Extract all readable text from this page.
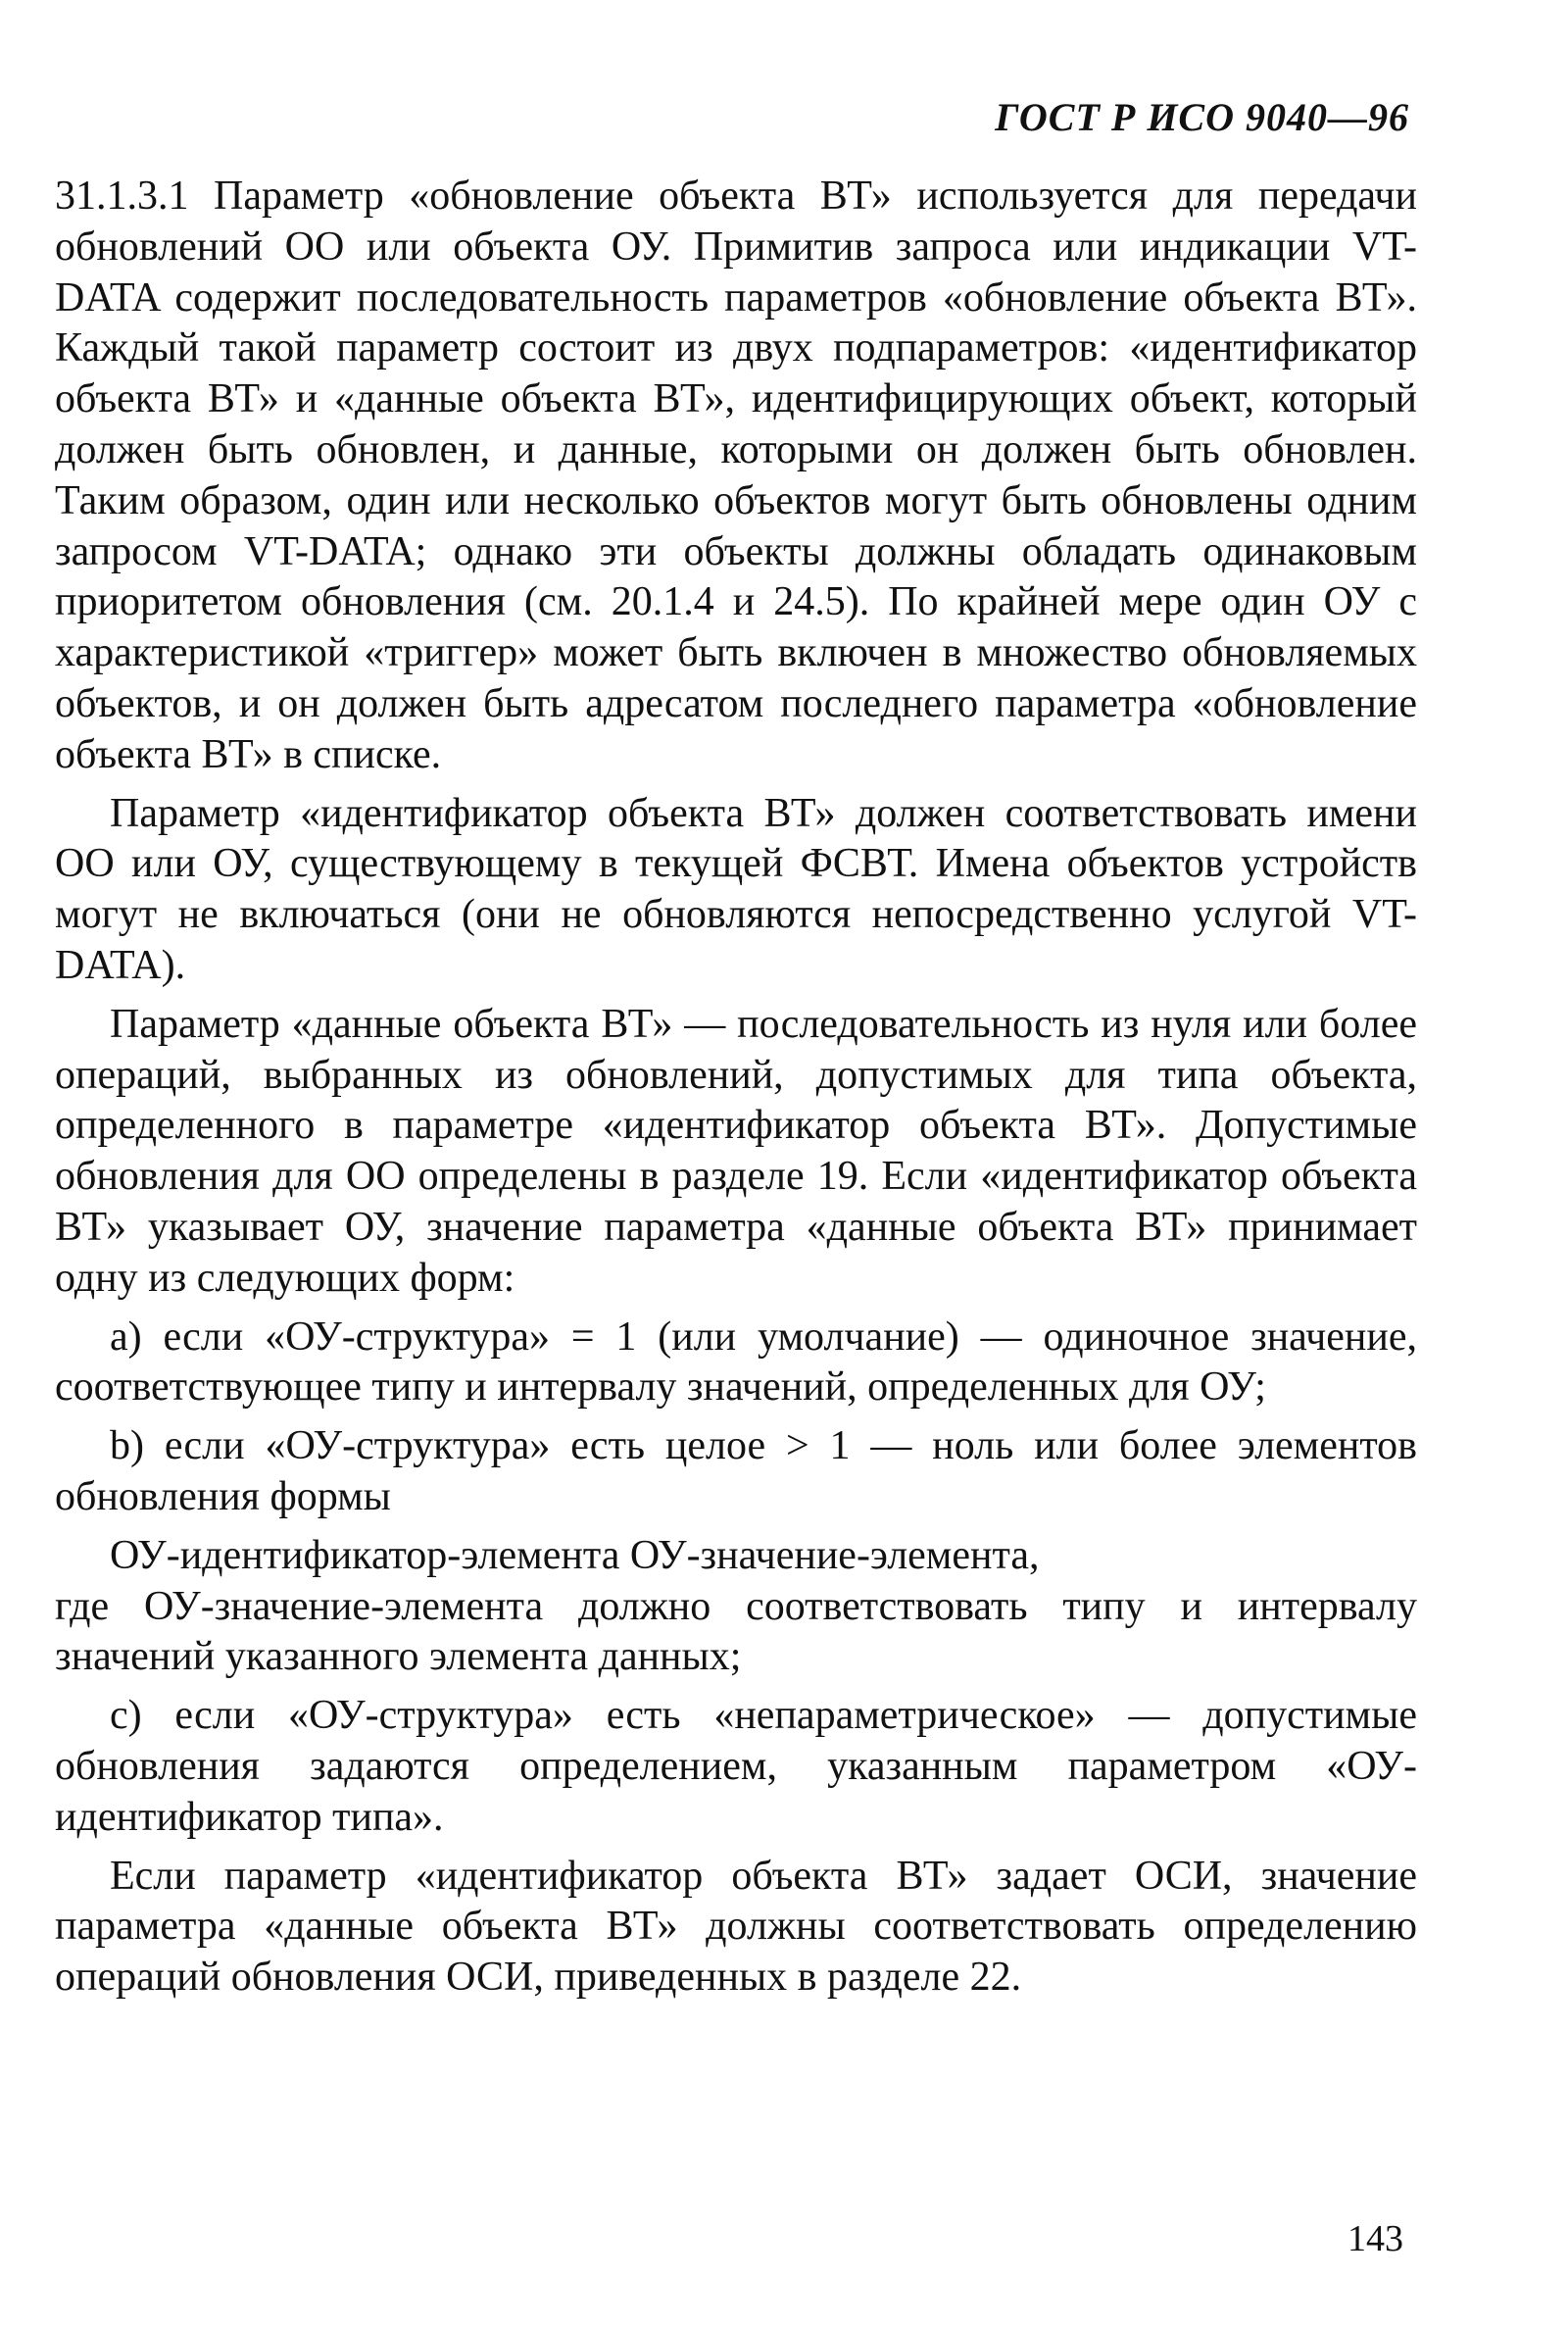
ГОСТ Р ИСО 9040—96

31.1.3.1 Параметр «обновление объекта ВТ» используется для передачи обновлений ОО или объекта ОУ. Примитив запроса или индикации VT-DATA содержит последовательность параметров «обновление объекта ВТ». Каждый такой параметр состоит из двух подпараметров: «идентификатор объекта ВТ» и «данные объекта ВТ», идентифицирующих объект, который должен быть обновлен, и данные, которыми он должен быть обновлен. Таким образом, один или несколько объектов могут быть обновлены одним запросом VT-DATA; однако эти объекты должны обладать одинаковым приоритетом обновления (см. 20.1.4 и 24.5). По крайней мере один ОУ с характеристикой «триггер» может быть включен в множество обновляемых объектов, и он должен быть адресатом последнего параметра «обновление объекта ВТ» в списке.

Параметр «идентификатор объекта ВТ» должен соответствовать имени ОО или ОУ, существующему в текущей ФСВТ. Имена объектов устройств могут не включаться (они не обновляются непосредственно услугой VT-DATA).

Параметр «данные объекта ВТ» — последовательность из нуля или более операций, выбранных из обновлений, допустимых для типа объекта, определенного в параметре «идентификатор объекта ВТ». Допустимые обновления для ОО определены в разделе 19. Если «идентификатор объекта ВТ» указывает ОУ, значение параметра «данные объекта ВТ» принимает одну из следующих форм:

а) если «ОУ-структура» = 1 (или умолчание) — одиночное значение, соответствующее типу и интервалу значений, определенных для ОУ;

b) если «ОУ-структура» есть целое > 1 — ноль или более элементов обновления формы

ОУ-идентификатор-элемента ОУ-значение-элемента,

где ОУ-значение-элемента должно соответствовать типу и интервалу значений указанного элемента данных;

с) если «ОУ-структура» есть «непараметрическое» — допустимые обновления задаются определением, указанным параметром «ОУ-идентификатор типа».

Если параметр «идентификатор объекта ВТ» задает ОСИ, значение параметра «данные объекта ВТ» должны соответствовать определению операций обновления ОСИ, приведенных в разделе 22.

143
